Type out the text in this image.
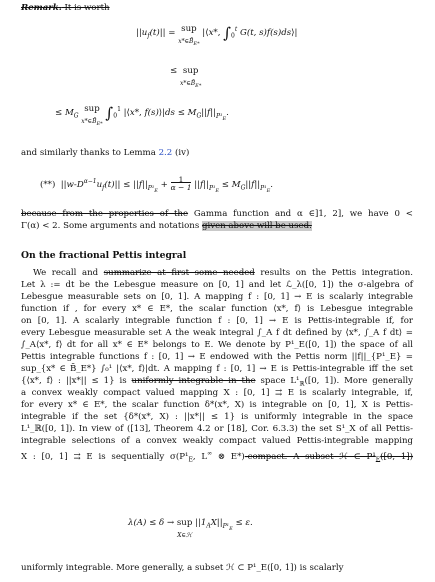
Remark. It is worth
$||u_f(t)||$ = sup
$x*\in B̄_{E*}$ |⟨x*, $\int_0^t$ G(t, s)f(s)ds⟩|
≤ sup
$x*\in B̄_{E*}$
≤ $M_G$ sup
$x*\in B̄_{E*}$ $\int_0^1$ |⟨x*, f(s)⟩|ds ≤ $M_G||f||_{P^1_E}$.
and similarly thanks to Lemma 2.2 (iv)
(**)  $||w-D^{\alpha-1}u_f(t)|| \le ||f||_{P^1_E} + \frac{1}{\alpha - 1} ||f||_{P^1_E} \le M_G||f||_{P^1_E}$.
because from the properties of the Gamma function and α ∈]1, 2], we have 0 <
Γ(α) < 2. Some arguments and notations given above will be used.
On the fractional Pettis integral
We recall and summarize at first some needed results on the Pettis integration.
Let λ := dt be the Lebesgue measure on [0, 1] and let ℒ_λ([0, 1]) the σ-algebra of
Lebesgue measurable sets on [0, 1]. A mapping f : [0, 1] → E is scalarly integrable
function if , for every x* ∈ E*, the scalar function ⟨x*, f⟩ is Lebesgue integrable
on [0, 1]. A scalarly integrable function f : [0, 1] → E is Pettis-integrable if, for
every Lebesgue measurable set A the weak integral ∫_A f dt defined by ⟨x*, ∫_A f dt⟩ =
∫_A⟨x*, f⟩ dt for all x* ∈ E* belongs to E. We denote by P¹_E([0, 1]) the space of all
Pettis integrable functions f : [0, 1] → E endowed with the Pettis norm ||f||_{P¹_E} =
sup_{x* ∈ B̄_E*} ∫₀¹ |⟨x*, f⟩|dt. A mapping f : [0, 1] → E is Pettis-integrable iff the set
{⟨x*, f⟩ : ||x*|| ≤ 1} is uniformly integrable in the space $L^1_ℝ([0$, 1]). More generally
a convex weakly compact valued mapping X : [0, 1] ⇉ E is scalarly integrable, if,
for every x* ∈ E*, the scalar function δ*(x*, X) is integrable on [0, 1], X is Pettis-
integrable if the set {δ*(x*, X) : ||x*|| ≤ 1} is uniformly integrable in the space
L¹_ℝ([0, 1]). In view of ([13], Theorem 4.2 or [18], Cor. 6.3.3) the set S¹_X of all Pettis-
integrable selections of a convex weakly compact valued Pettis-integrable mapping
X : [0, 1] ⇉ E is sequentially $\sigma(P^1_E$, L∞ ⊗ E*)-compact. A subset ℋ ⊂ $P^1_E([0$, 1])
λ(A) ≤ δ → sup
X∈ℋ $||1_AX||_{P^1_E} \le \varepsilon$.
uniformly integrable. More generally, a subset ℋ ⊂ P¹_E([0, 1]) is scalarly
